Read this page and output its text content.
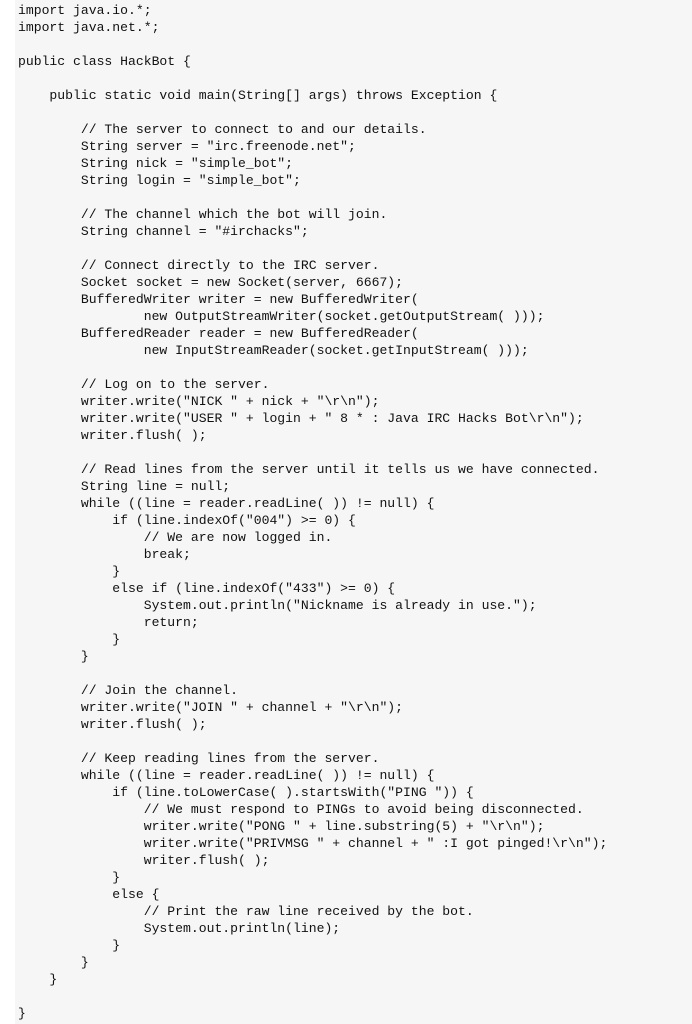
import java.io.*;
import java.net.*;
public class HackBot {
public static void main(String[] args) throws Exception {
// The server to connect to and our details.
String server = "irc.freenode.net";
String nick = "simple_bot";
String login = "simple_bot";
// The channel which the bot will join.
String channel = "#irchacks";
// Connect directly to the IRC server.
Socket socket = new Socket(server, 6667);
BufferedWriter writer = new BufferedWriter(
new OutputStreamWriter(socket.getOutputStream( )));
BufferedReader reader = new BufferedReader(
new InputStreamReader(socket.getInputStream( )));
// Log on to the server.
writer.write("NICK " + nick + "\r\n");
writer.write("USER " + login + " 8 * : Java IRC Hacks Bot\r\n");
writer.flush( );
// Read lines from the server until it tells us we have connected.
String line = null;
while ((line = reader.readLine( )) != null) {
if (line.indexOf("004") >= 0) {
// We are now logged in.
break;
}
else if (line.indexOf("433") >= 0) {
System.out.println("Nickname is already in use.");
return;
}
}
// Join the channel.
writer.write("JOIN " + channel + "\r\n");
writer.flush( );
// Keep reading lines from the server.
while ((line = reader.readLine( )) != null) {
if (line.toLowerCase( ).startsWith("PING ")) {
// We must respond to PINGs to avoid being disconnected.
writer.write("PONG " + line.substring(5) + "\r\n");
writer.write("PRIVMSG " + channel + " :I got pinged!\r\n");
writer.flush( );
}
else {
// Print the raw line received by the bot.
System.out.println(line);
}
}
}
}
